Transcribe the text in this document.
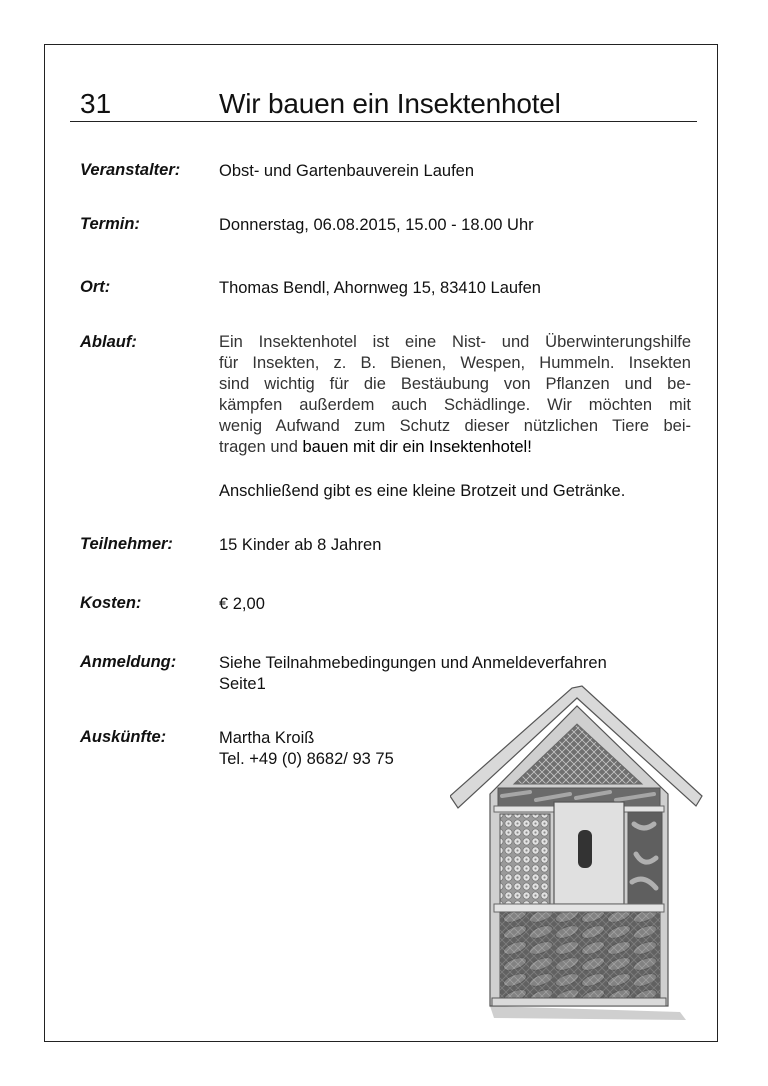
31	Wir bauen ein Insektenhotel
Veranstalter: Obst- und Gartenbauverein Laufen
Termin:	Donnerstag, 06.08.2015, 15.00 - 18.00 Uhr
Ort:	Thomas Bendl, Ahornweg 15, 83410 Laufen
Ablauf:	Ein Insektenhotel ist eine Nist- und Überwinterungshilfe
für Insekten, z. B. Bienen, Wespen, Hummeln. Insekten
sind wichtig für die Bestäubung von Pflanzen und be-
kämpfen außerdem auch Schädlinge. Wir möchten mit
wenig Aufwand zum Schutz dieser nützlichen Tiere bei-
tragen und bauen mit dir ein Insektenhotel!
Anschließend gibt es eine kleine Brotzeit und Getränke.
Teilnehmer:	15 Kinder ab 8 Jahren
Kosten:	€ 2,00
Anmeldung:	Siehe Teilnahmebedingungen und Anmeldeverfahren
Seite1
Auskünfte:	Martha Kroiß
Tel. +49 (0) 8682/ 93 75
